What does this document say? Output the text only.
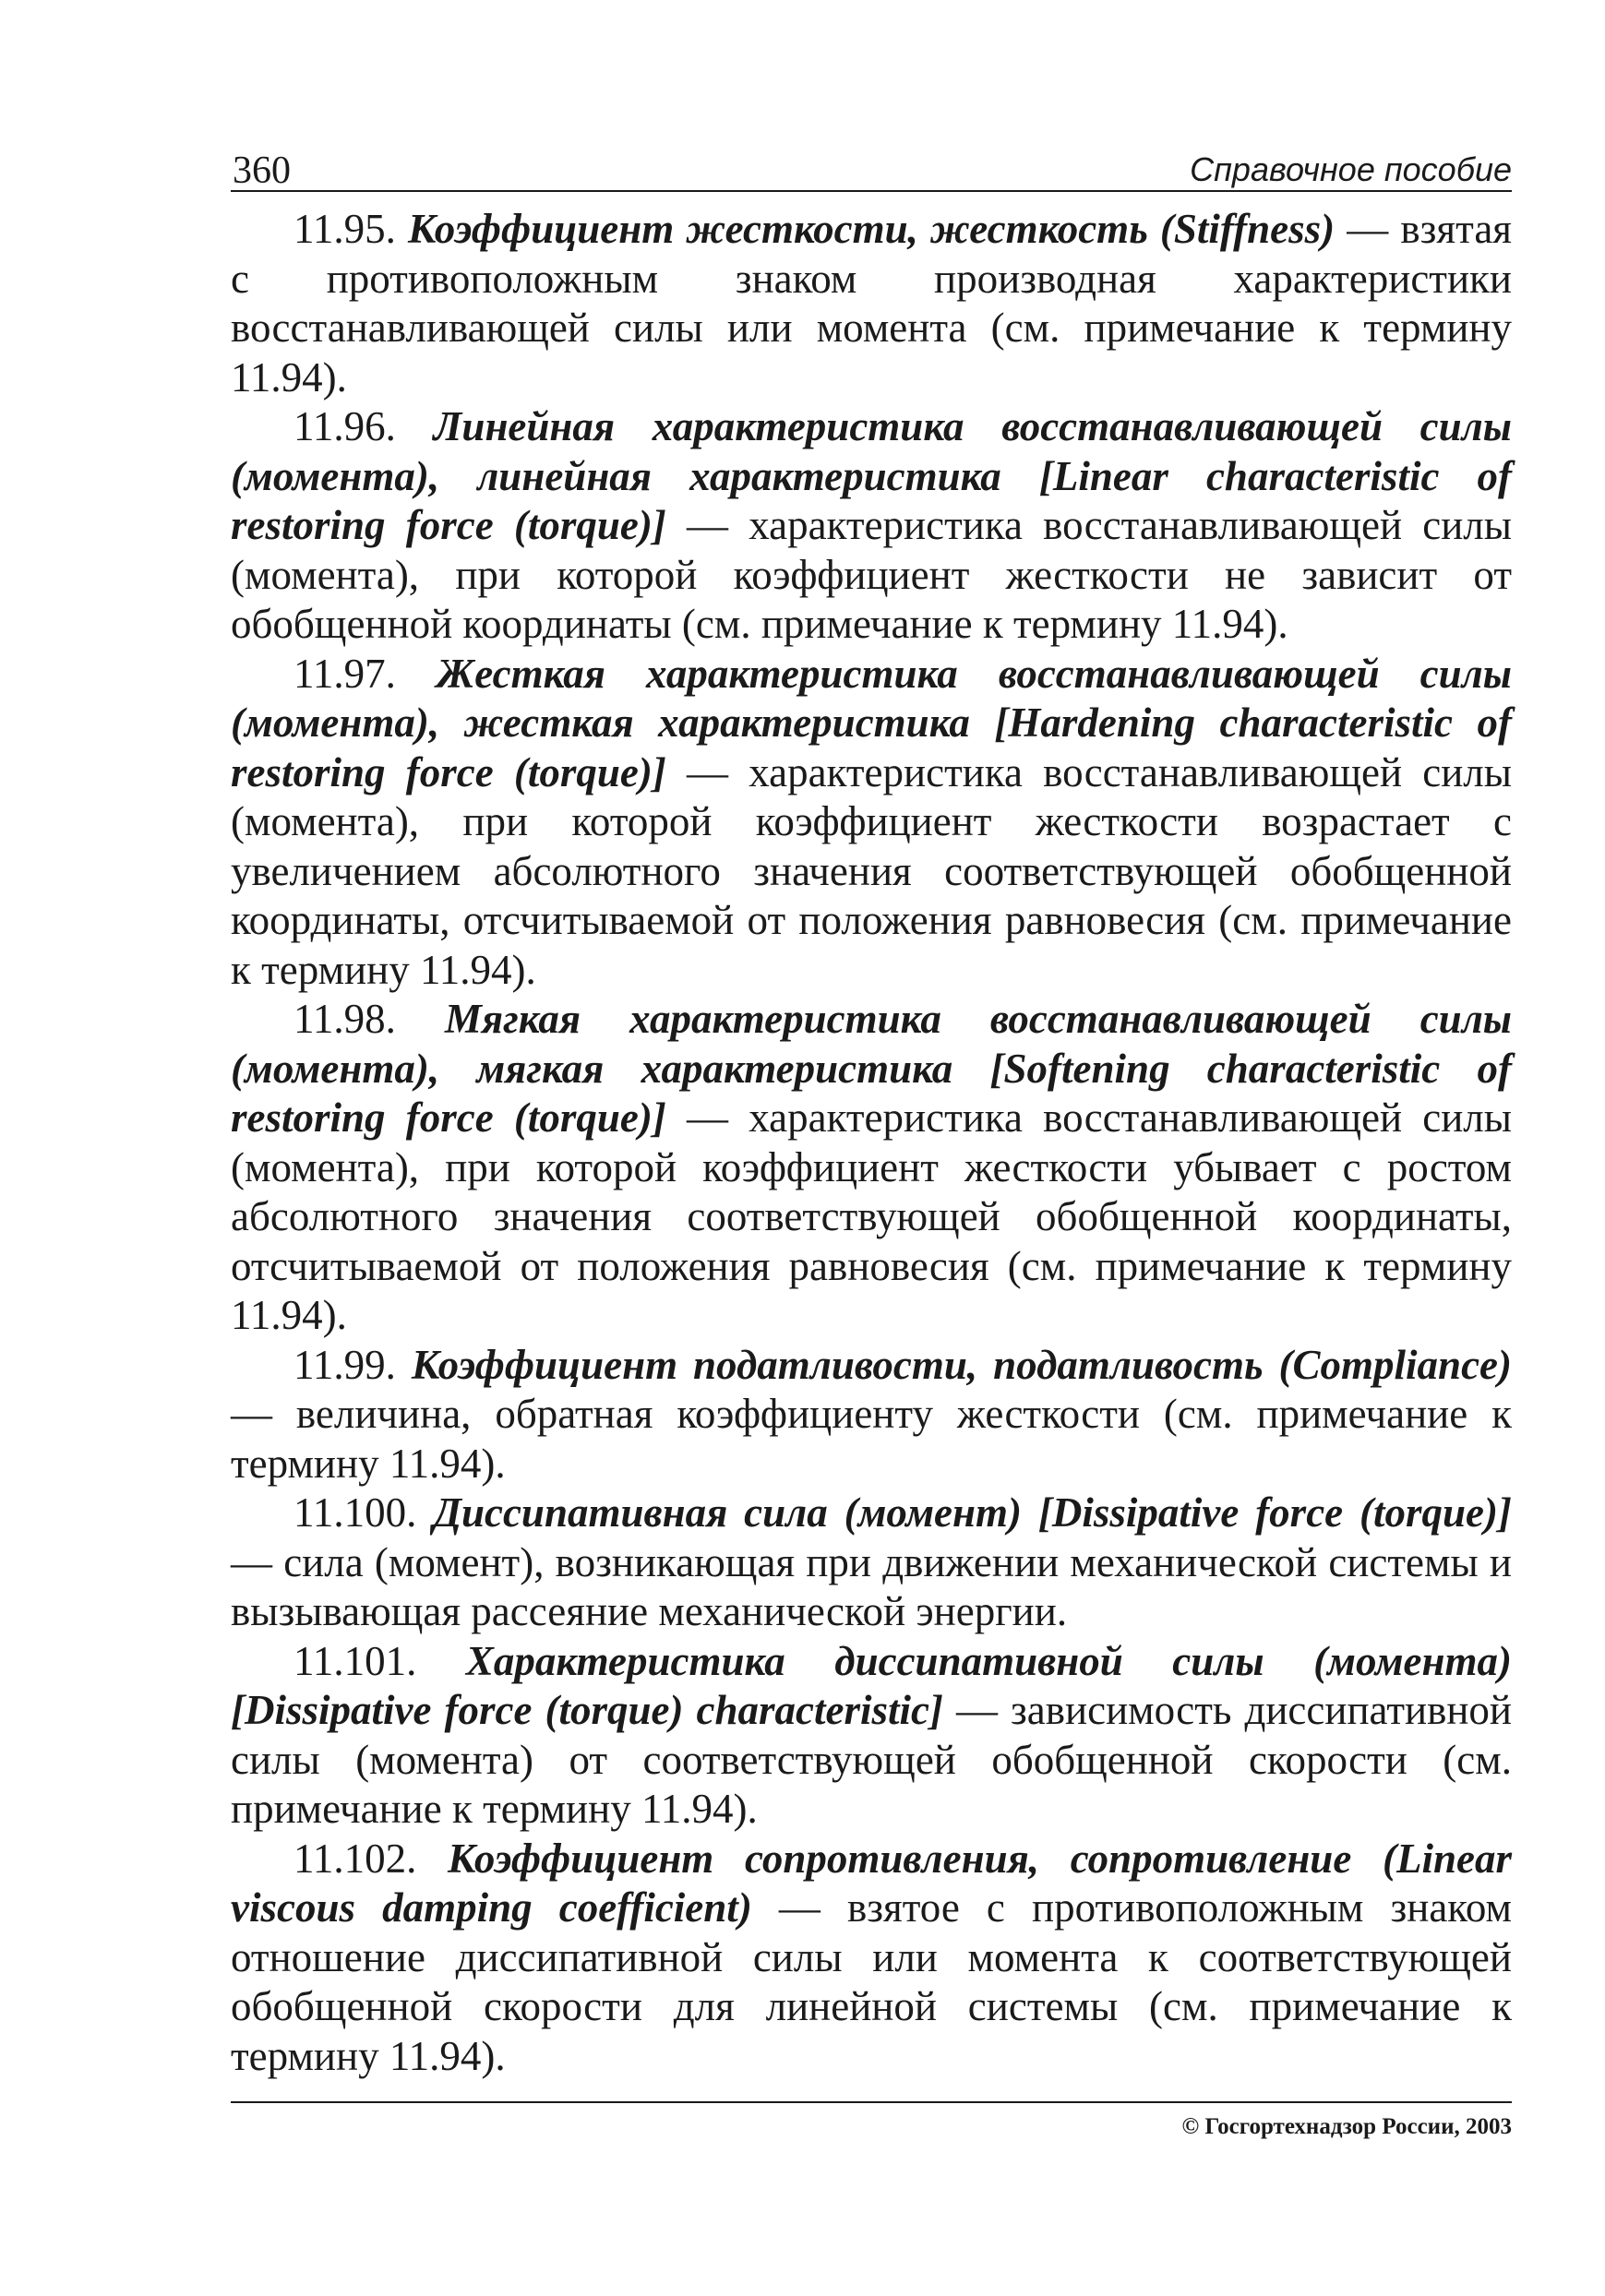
360	Справочное пособие

11.95. Коэффициент жесткости, жесткость (Stiffness) — взятая с противоположным знаком производная характеристики восстанавливающей силы или момента (см. примечание к термину 11.94).

11.96. Линейная характеристика восстанавливающей силы (момента), линейная характеристика [Linear characteristic of restoring force (torque)] — характеристика восстанавливающей силы (момента), при которой коэффициент жесткости не зависит от обобщенной координаты (см. примечание к термину 11.94).

11.97. Жесткая характеристика восстанавливающей силы (момента), жесткая характеристика [Hardening characteristic of restoring force (torque)] — характеристика восстанавливающей силы (момента), при которой коэффициент жесткости возрастает с увеличением абсолютного значения соответствующей обобщенной координаты, отсчитываемой от положения равновесия (см. примечание к термину 11.94).

11.98. Мягкая характеристика восстанавливающей силы (момента), мягкая характеристика [Softening characteristic of restoring force (torque)] — характеристика восстанавливающей силы (момента), при которой коэффициент жесткости убывает с ростом абсолютного значения соответствующей обобщенной координаты, отсчитываемой от положения равновесия (см. примечание к термину 11.94).

11.99. Коэффициент податливости, податливость (Compliance) — величина, обратная коэффициенту жесткости (см. примечание к термину 11.94).

11.100. Диссипативная сила (момент) [Dissipative force (torque)] — сила (момент), возникающая при движении механической системы и вызывающая рассеяние механической энергии.

11.101. Характеристика диссипативной силы (момента) [Dissipative force (torque) characteristic] — зависимость диссипативной силы (момента) от соответствующей обобщенной скорости (см. примечание к термину 11.94).

11.102. Коэффициент сопротивления, сопротивление (Linear viscous damping coefficient) — взятое с противоположным знаком отношение диссипативной силы или момента к соответствующей обобщенной скорости для линейной системы (см. примечание к термину 11.94).

© Госгортехнадзор России, 2003
